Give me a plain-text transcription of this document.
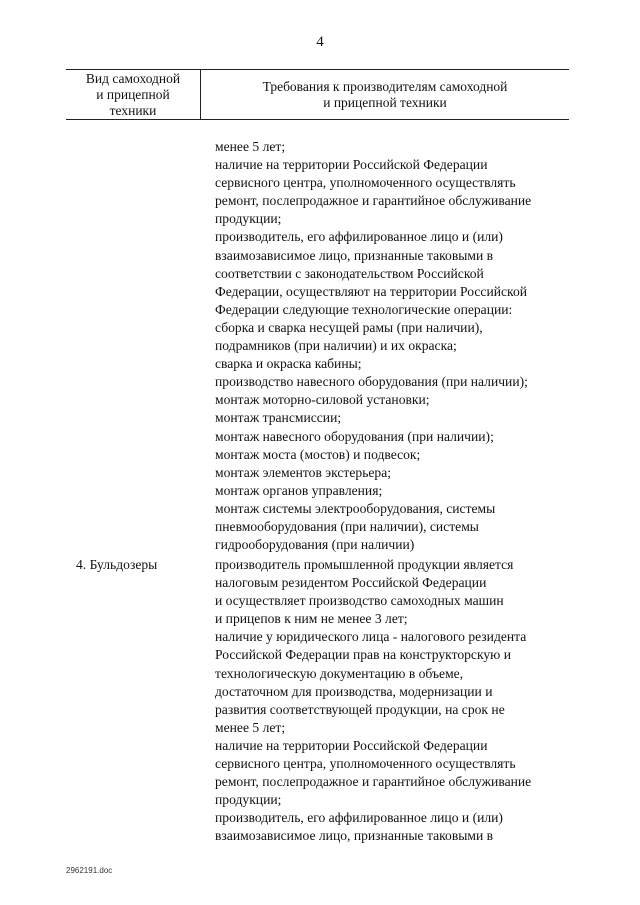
4
Вид самоходной
и прицепной
техники
Требования к производителям самоходной
и прицепной техники
менее 5 лет;
наличие на территории Российской Федерации
сервисного центра, уполномоченного осуществлять
ремонт, послепродажное и гарантийное обслуживание
продукции;
производитель, его аффилированное лицо и (или)
взаимозависимое лицо, признанные таковыми в
соответствии с законодательством Российской
Федерации, осуществляют на территории Российской
Федерации следующие технологические операции:
сборка и сварка несущей рамы (при наличии),
подрамников (при наличии) и их окраска;
сварка и окраска кабины;
производство навесного оборудования (при наличии);
монтаж моторно-силовой установки;
монтаж трансмиссии;
монтаж навесного оборудования (при наличии);
монтаж моста (мостов) и подвесок;
монтаж элементов экстерьера;
монтаж органов управления;
монтаж системы электрооборудования, системы
пневмооборудования (при наличии), системы
гидрооборудования (при наличии)
4. Бульдозеры	производитель промышленной продукции является
налоговым резидентом Российской Федерации
и осуществляет производство самоходных машин
и прицепов к ним не менее 3 лет;
наличие у юридического лица - налогового резидента
Российской Федерации прав на конструкторскую и
технологическую документацию в объеме,
достаточном для производства, модернизации и
развития соответствующей продукции, на срок не
менее 5 лет;
наличие на территории Российской Федерации
сервисного центра, уполномоченного осуществлять
ремонт, послепродажное и гарантийное обслуживание
продукции;
производитель, его аффилированное лицо и (или)
взаимозависимое лицо, признанные таковыми в
2962191.doc
